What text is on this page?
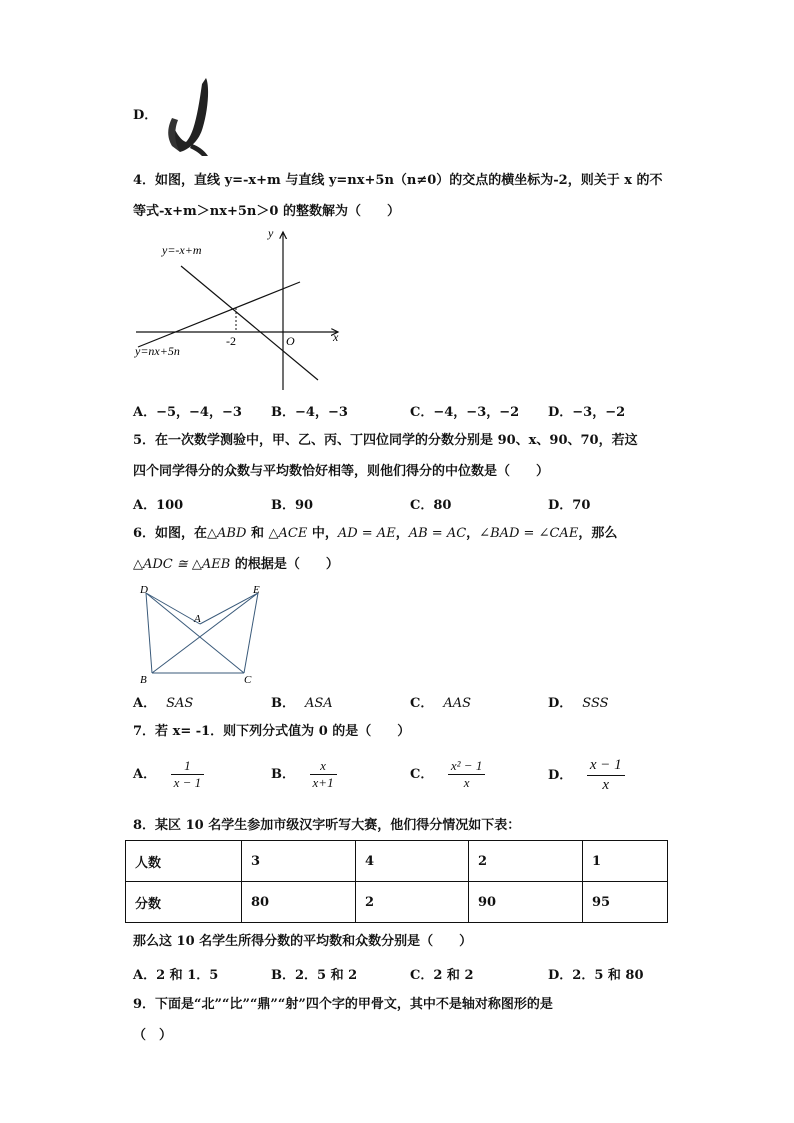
D．
4．如图，直线 y=-x+m 与直线 y=nx+5n（n≠0）的交点的横坐标为-2，则关于 x 的不
等式-x+m＞nx+5n＞0 的整数解为（　　）
y=-x+m
y=nx+5n
x
y
O
-2
A．−5，−4，−3 B．−4，−3	C．−4，−3，−2 D．−3，−2
5．在一次数学测验中，甲、乙、丙、丁四位同学的分数分别是 90、x、90、70，若这
四个同学得分的众数与平均数恰好相等，则他们得分的中位数是（　　）
A．100	B．90	C．80	D．70
6．如图，在△ABD 和 △ACE 中，AD = AE，AB = AC，∠BAD = ∠CAE，那么
△ADC ≅ △AEB 的根据是（　　）
D	E
A
B	C
A． SAS	B． ASA	C． AAS	D． SSS
7．若 x= -1．则下列分式值为 0 的是（　　）
A． $\frac{1}{x - 1}$	B． $\frac{x}{x+1}$	C． $\frac{\text{x² − 1}}{x}$	D． $\frac{x - 1}{x}$
8．某区 10 名学生参加市级汉字听写大赛，他们得分情况如下表：
人数	3	4	2	1
分数	80	2	90	95
那么这 10 名学生所得分数的平均数和众数分别是（　　）
A．2 和 1．5	B．2．5 和 2	C．2 和 2	D．2．5 和 80
9．下面是“北”“比”“鼎”“射”四个字的甲骨文，其中不是轴对称图形的是
（　）
